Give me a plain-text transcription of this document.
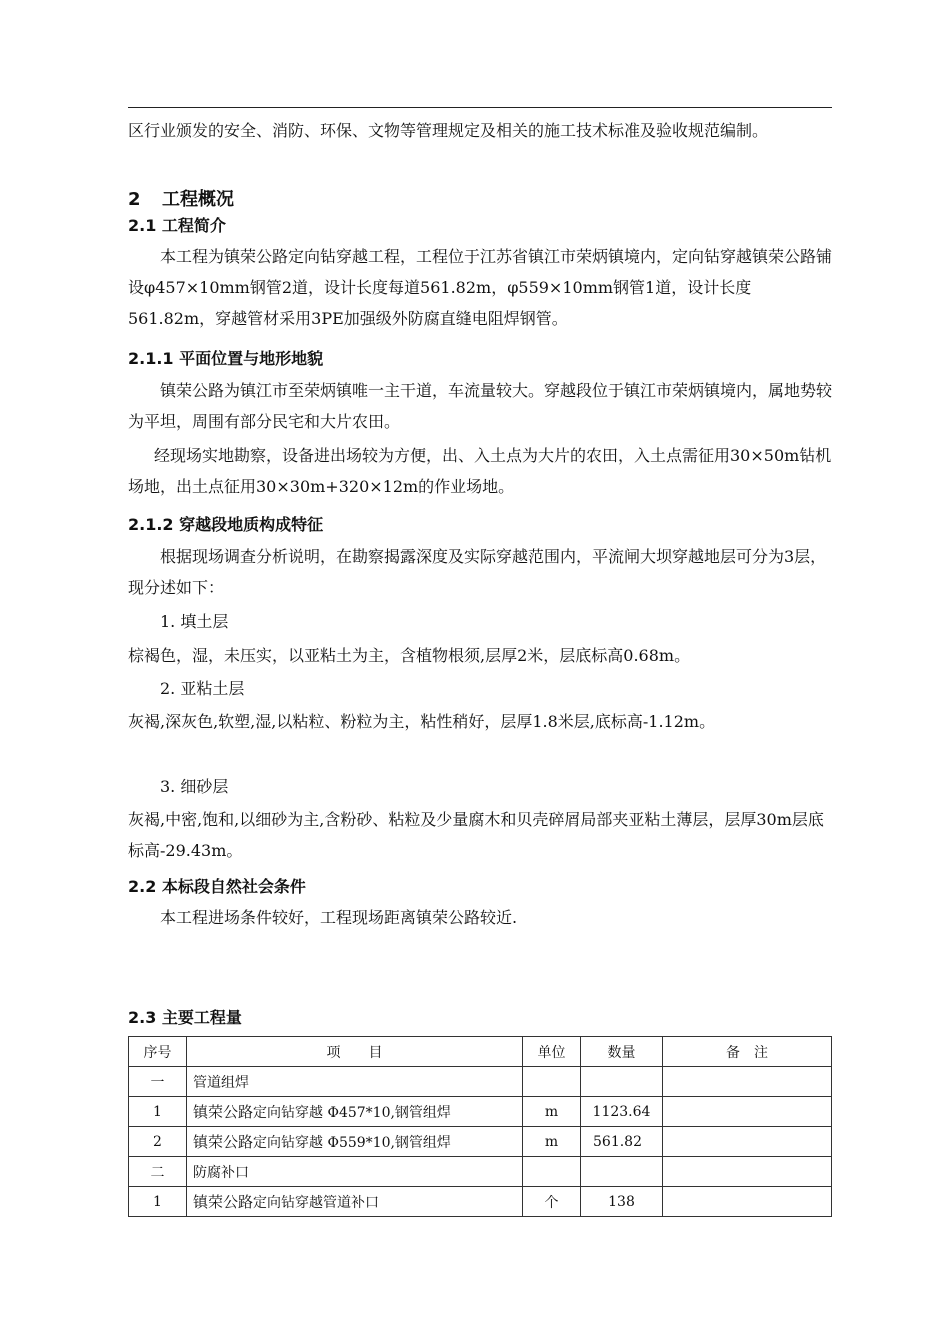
区行业颁发的安全、消防、环保、文物等管理规定及相关的施工技术标准及验收规范编制。
2 工程概况
2.1 工程简介
本工程为镇荣公路定向钻穿越工程，工程位于江苏省镇江市荣炳镇境内，定向钻穿越镇荣公路铺设φ457×10mm钢管2道，设计长度每道561.82m，φ559×10mm钢管1道，设计长度561.82m，穿越管材采用3PE加强级外防腐直缝电阻焊钢管。
2.1.1 平面位置与地形地貌
镇荣公路为镇江市至荣炳镇唯一主干道，车流量较大。穿越段位于镇江市荣炳镇境内，属地势较为平坦，周围有部分民宅和大片农田。
经现场实地勘察，设备进出场较为方便，出、入土点为大片的农田，入土点需征用30×50m钻机场地，出土点征用30×30m+320×12m的作业场地。
2.1.2 穿越段地质构成特征
根据现场调查分析说明，在勘察揭露深度及实际穿越范围内，平流闸大坝穿越地层可分为3层，现分述如下：
1. 填土层
棕褐色，湿，未压实，以亚粘土为主，含植物根须,层厚2米，层底标高0.68m。
2. 亚粘土层
灰褐,深灰色,软塑,湿,以粘粒、粉粒为主，粘性稍好，层厚1.8米层,底标高-1.12m。
3. 细砂层
灰褐,中密,饱和,以细砂为主,含粉砂、粘粒及少量腐木和贝壳碎屑局部夹亚粘土薄层，层厚30m层底标高-29.43m。
2.2 本标段自然社会条件
本工程进场条件较好，工程现场距离镇荣公路较近.
2.3 主要工程量
序号	项　　目	单位	数量	备　注
一	管道组焊			
1	镇荣公路定向钻穿越 Φ457*10,钢管组焊	m	1123.64	
2	镇荣公路定向钻穿越 Φ559*10,钢管组焊	m	561.82	
二	防腐补口			
1	镇荣公路定向钻穿越管道补口	个	138	
